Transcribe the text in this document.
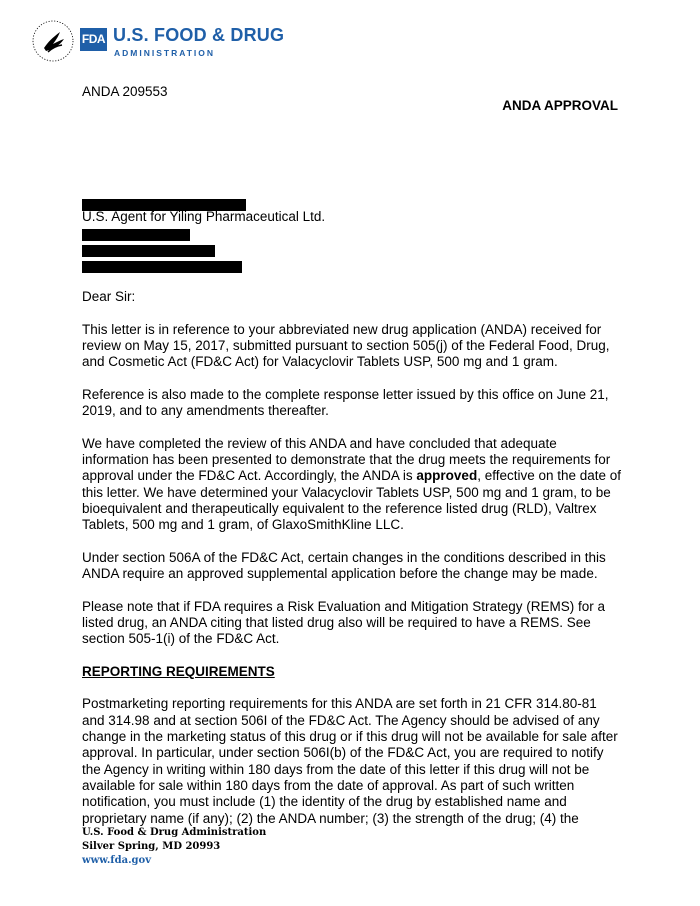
FDA U.S. FOOD & DRUG
ADMINISTRATION
ANDA 209553
ANDA APPROVAL
U.S. Agent for Yiling Pharmaceutical Ltd.

Dear Sir:

This letter is in reference to your abbreviated new drug application (ANDA) received for review on May 15, 2017, submitted pursuant to section 505(j) of the Federal Food, Drug, and Cosmetic Act (FD&C Act) for Valacyclovir Tablets USP, 500 mg and 1 gram.

Reference is also made to the complete response letter issued by this office on June 21, 2019, and to any amendments thereafter.

We have completed the review of this ANDA and have concluded that adequate information has been presented to demonstrate that the drug meets the requirements for approval under the FD&C Act. Accordingly, the ANDA is approved, effective on the date of this letter. We have determined your Valacyclovir Tablets USP, 500 mg and 1 gram, to be bioequivalent and therapeutically equivalent to the reference listed drug (RLD), Valtrex Tablets, 500 mg and 1 gram, of GlaxoSmithKline LLC.

Under section 506A of the FD&C Act, certain changes in the conditions described in this ANDA require an approved supplemental application before the change may be made.

Please note that if FDA requires a Risk Evaluation and Mitigation Strategy (REMS) for a listed drug, an ANDA citing that listed drug also will be required to have a REMS. See section 505-1(i) of the FD&C Act.

REPORTING REQUIREMENTS

Postmarketing reporting requirements for this ANDA are set forth in 21 CFR 314.80-81 and 314.98 and at section 506I of the FD&C Act. The Agency should be advised of any change in the marketing status of this drug or if this drug will not be available for sale after approval. In particular, under section 506I(b) of the FD&C Act, you are required to notify the Agency in writing within 180 days from the date of this letter if this drug will not be available for sale within 180 days from the date of approval. As part of such written notification, you must include (1) the identity of the drug by established name and proprietary name (if any); (2) the ANDA number; (3) the strength of the drug; (4) the

U.S. Food & Drug Administration
Silver Spring, MD 20993
www.fda.gov
